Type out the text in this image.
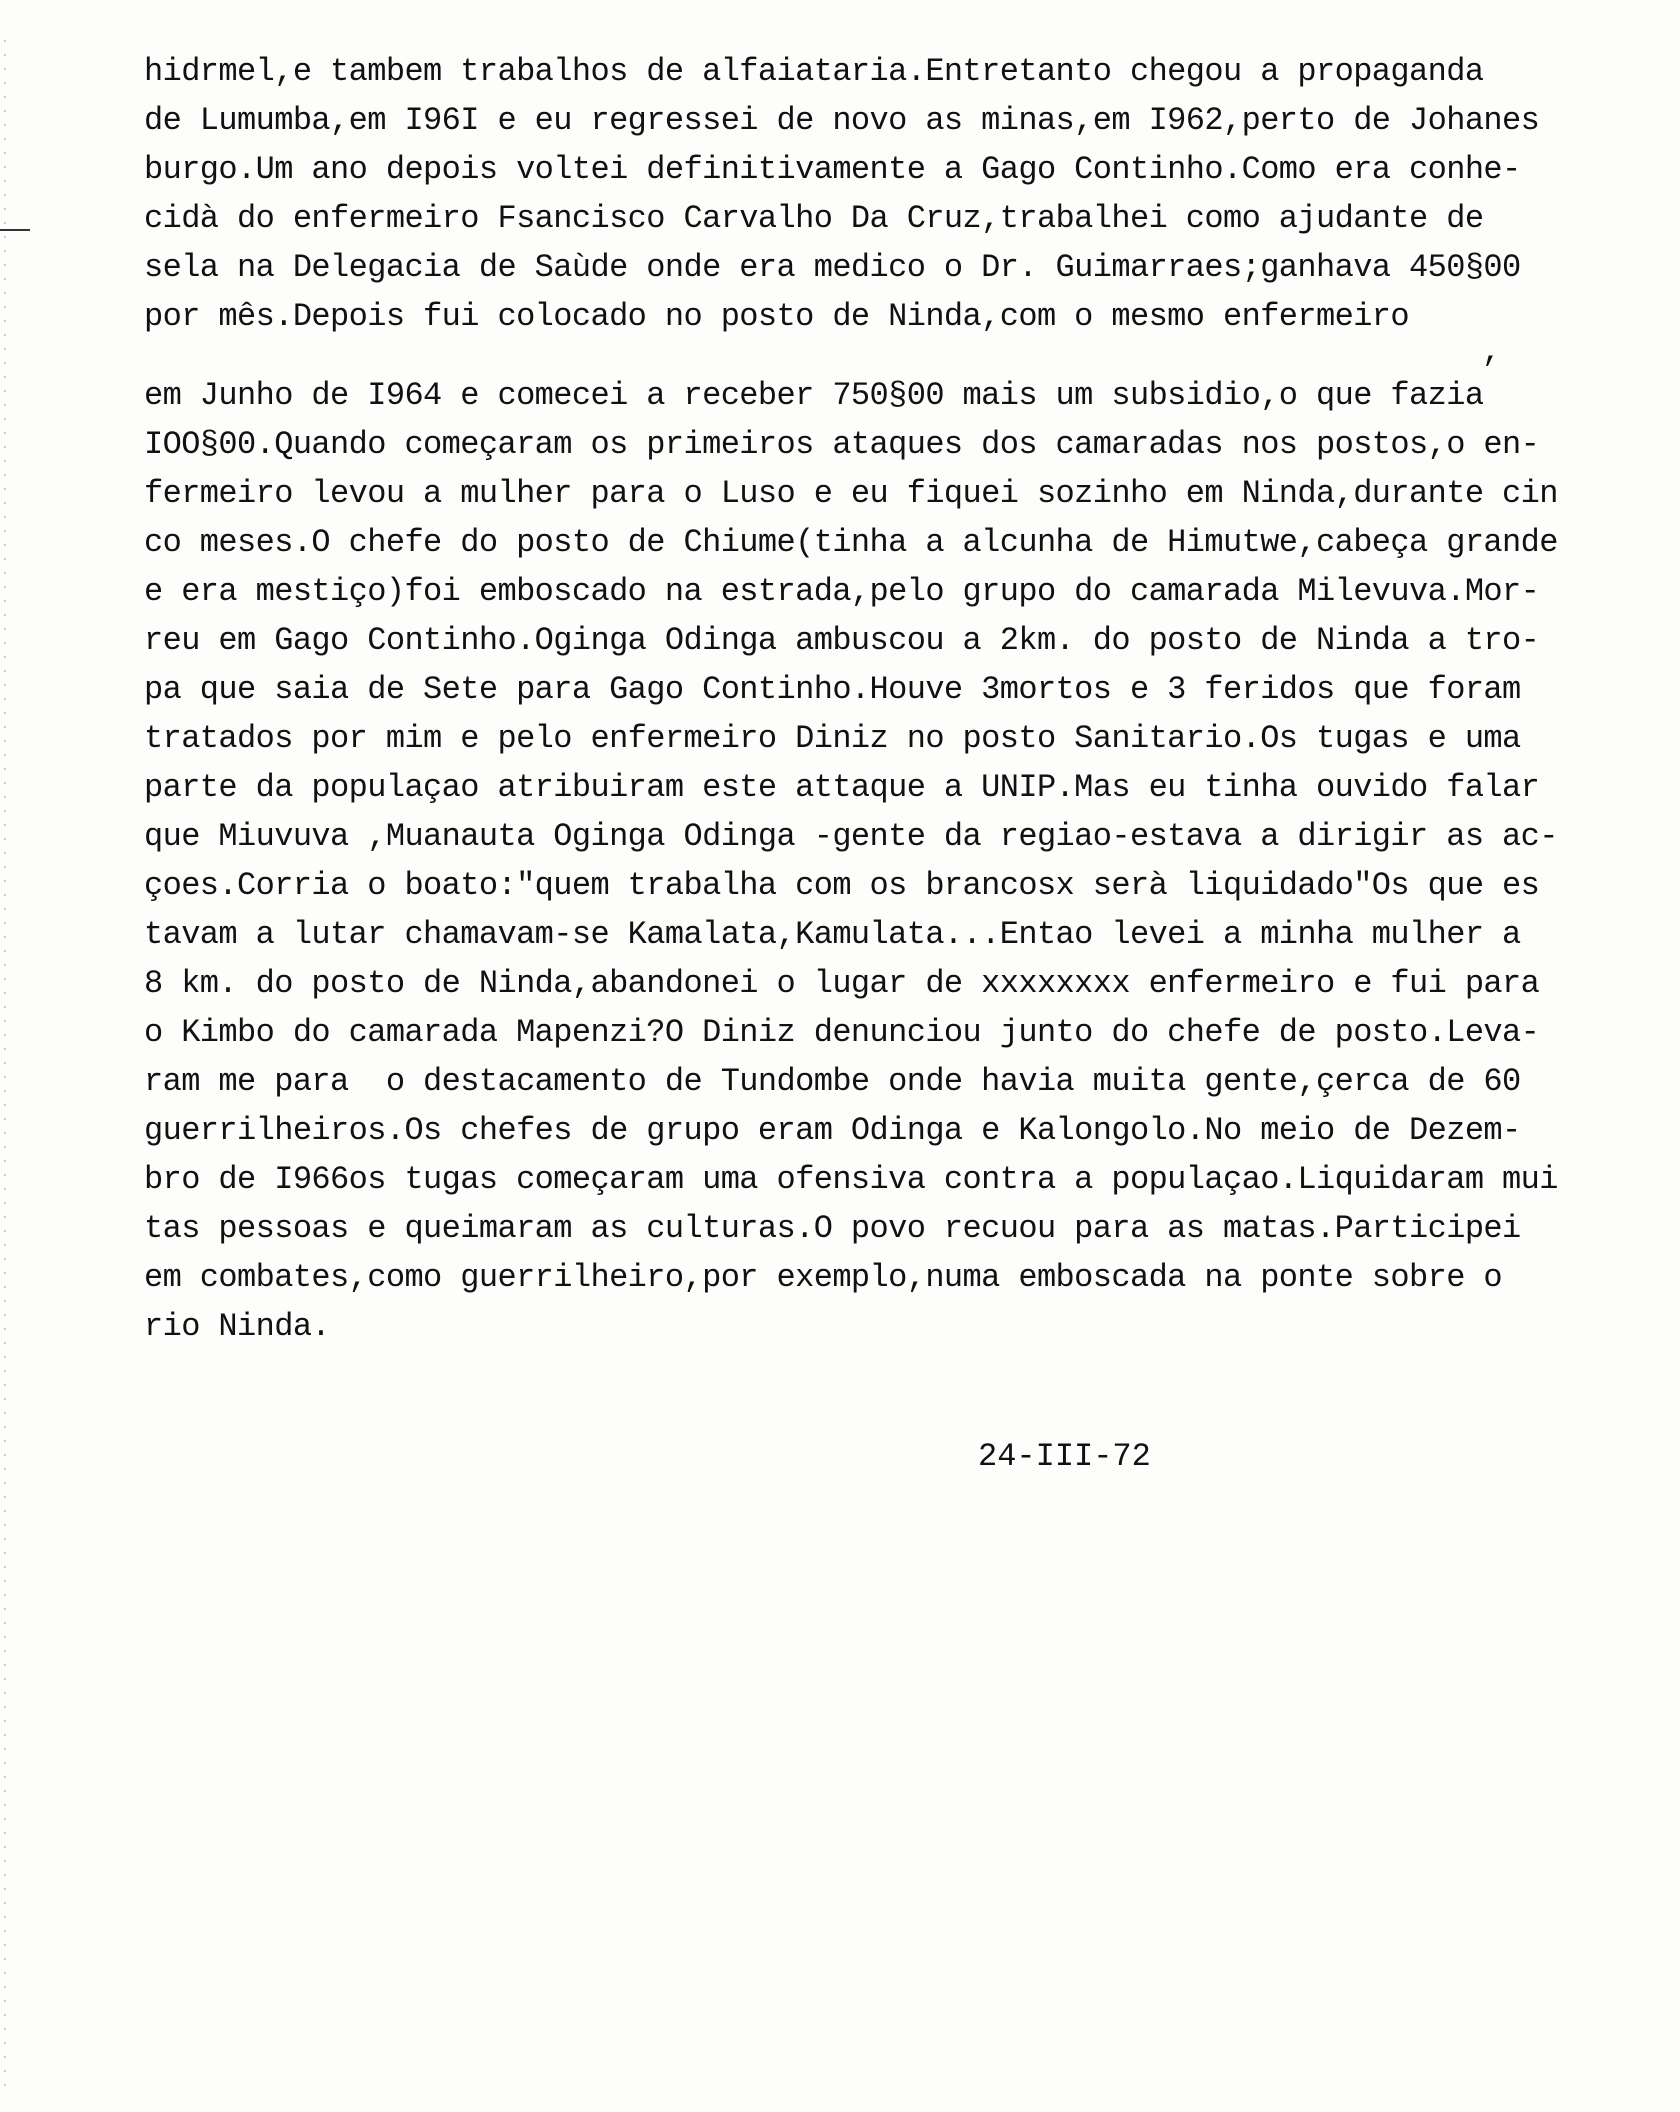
hidrmel,e tambem trabalhos de alfaiataria.Entretanto chegou a propaganda
de Lumumba,em I96I e eu regressei de novo as minas,em I962,perto de Johanes
burgo.Um ano depois voltei definitivamente a Gago Continho.Como era conhe-
cidà do enfermeiro Fsancisco Carvalho Da Cruz,trabalhei como ajudante de
sela na Delegacia de Saùde onde era medico o Dr. Guimarraes;ganhava 450§00
por mês.Depois fui colocado no posto de Ninda,com o mesmo enfermeiro
,
em Junho de I964 e comecei a receber 750§00 mais um subsidio,o que fazia
IOO§00.Quando começaram os primeiros ataques dos camaradas nos postos,o en-
fermeiro levou a mulher para o Luso e eu fiquei sozinho em Ninda,durante cin
co meses.O chefe do posto de Chiume(tinha a alcunha de Himutwe,cabeça grande
e era mestiço)foi emboscado na estrada,pelo grupo do camarada Milevuva.Mor-
reu em Gago Continho.Oginga Odinga ambuscou a 2km. do posto de Ninda a tro-
pa que saia de Sete para Gago Continho.Houve 3mortos e 3 feridos que foram
tratados por mim e pelo enfermeiro Diniz no posto Sanitario.Os tugas e uma
parte da populaçao atribuiram este attaque a UNIP.Mas eu tinha ouvido falar
que Miuvuva ,Muanauta Oginga Odinga -gente da regiao-estava a dirigir as ac-
çoes.Corria o boato:"quem trabalha com os brancosx serà liquidado"Os que es
tavam a lutar chamavam-se Kamalata,Kamulata...Entao levei a minha mulher a
8 km. do posto de Ninda,abandonei o lugar de xxxxxxxx enfermeiro e fui para
o Kimbo do camarada Mapenzi?O Diniz denunciou junto do chefe de posto.Leva-
ram me para  o destacamento de Tundombe onde havia muita gente,çerca de 60
guerrilheiros.Os chefes de grupo eram Odinga e Kalongolo.No meio de Dezem-
bro de I966os tugas começaram uma ofensiva contra a populaçao.Liquidaram mui
tas pessoas e queimaram as culturas.O povo recuou para as matas.Participei
em combates,como guerrilheiro,por exemplo,numa emboscada na ponte sobre o
rio Ninda.
24-III-72
